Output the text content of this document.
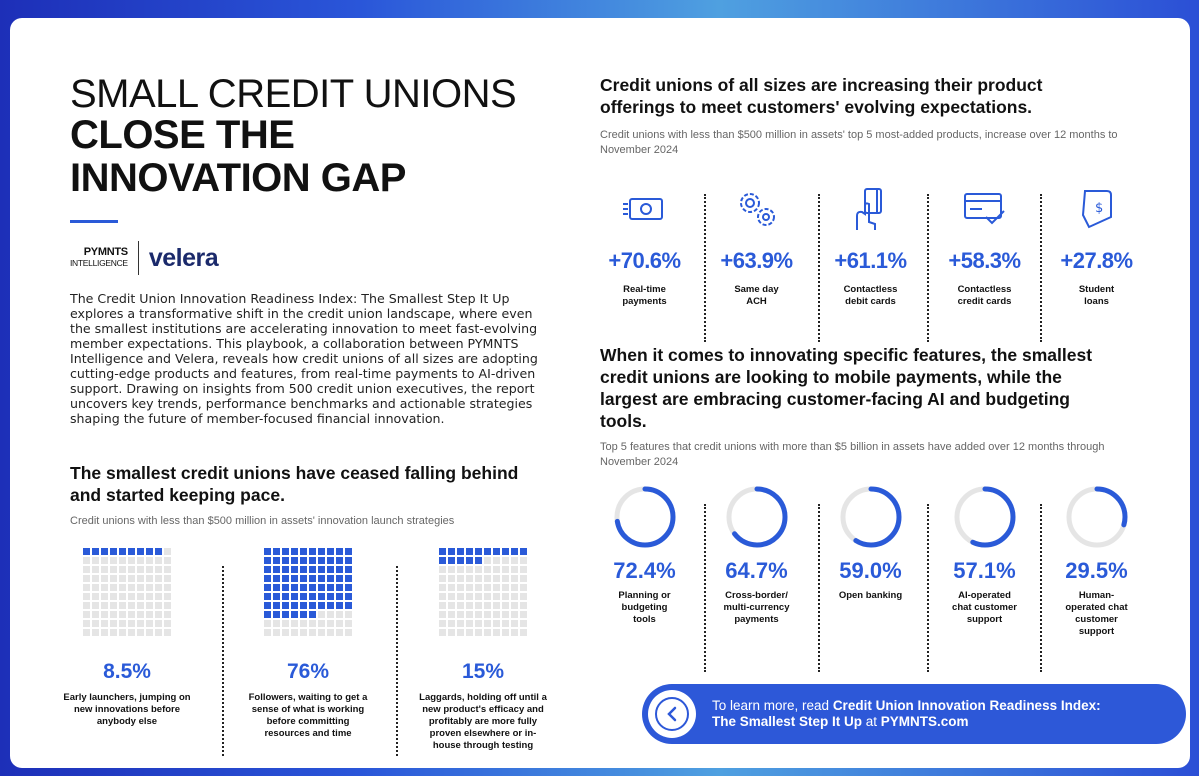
SMALL CREDIT UNIONS
CLOSE THE
INNOVATION GAP
PYMNTS
INTELLIGENCE velera
The Credit Union Innovation Readiness Index: The Smallest Step It Up explores a transformative shift in the credit union landscape, where even the smallest institutions are accelerating innovation to meet fast-evolving member expectations. This playbook, a collaboration between PYMNTS Intelligence and Velera, reveals how credit unions of all sizes are adopting cutting-edge products and features, from real-time payments to AI-driven support. Drawing on insights from 500 credit union executives, the report uncovers key trends, performance benchmarks and actionable strategies shaping the future of member-focused financial innovation.
The smallest credit unions have ceased falling behind and started keeping pace.
Credit unions with less than $500 million in assets' innovation launch strategies
8.5%
Early launchers, jumping on new innovations before anybody else
76%
Followers, waiting to get a sense of what is working before committing resources and time
15%
Laggards, holding off until a new product's efficacy and profitably are more fully proven elsewhere or in-house through testing
Credit unions of all sizes are increasing their product offerings to meet customers' evolving expectations.
Credit unions with less than $500 million in assets' top 5 most-added products, increase over 12 months to November 2024
+70.6%
Real-time
payments
+63.9%
Same day
ACH
+61.1%
Contactless
debit cards
+58.3%
Contactless
credit cards
$
+27.8%
Student
loans
When it comes to innovating specific features, the smallest credit unions are looking to mobile payments, while the largest are embracing customer-facing AI and budgeting tools.
Top 5 features that credit unions with more than $5 billion in assets have added over 12 months through November 2024
72.4%
Planning or
budgeting
tools
64.7%
Cross-border/
multi-currency
payments
59.0%
Open banking
57.1%
AI-operated
chat customer
support
29.5%
Human-
operated chat
customer
support
To learn more, read Credit Union Innovation Readiness Index:
The Smallest Step It Up at PYMNTS.com
